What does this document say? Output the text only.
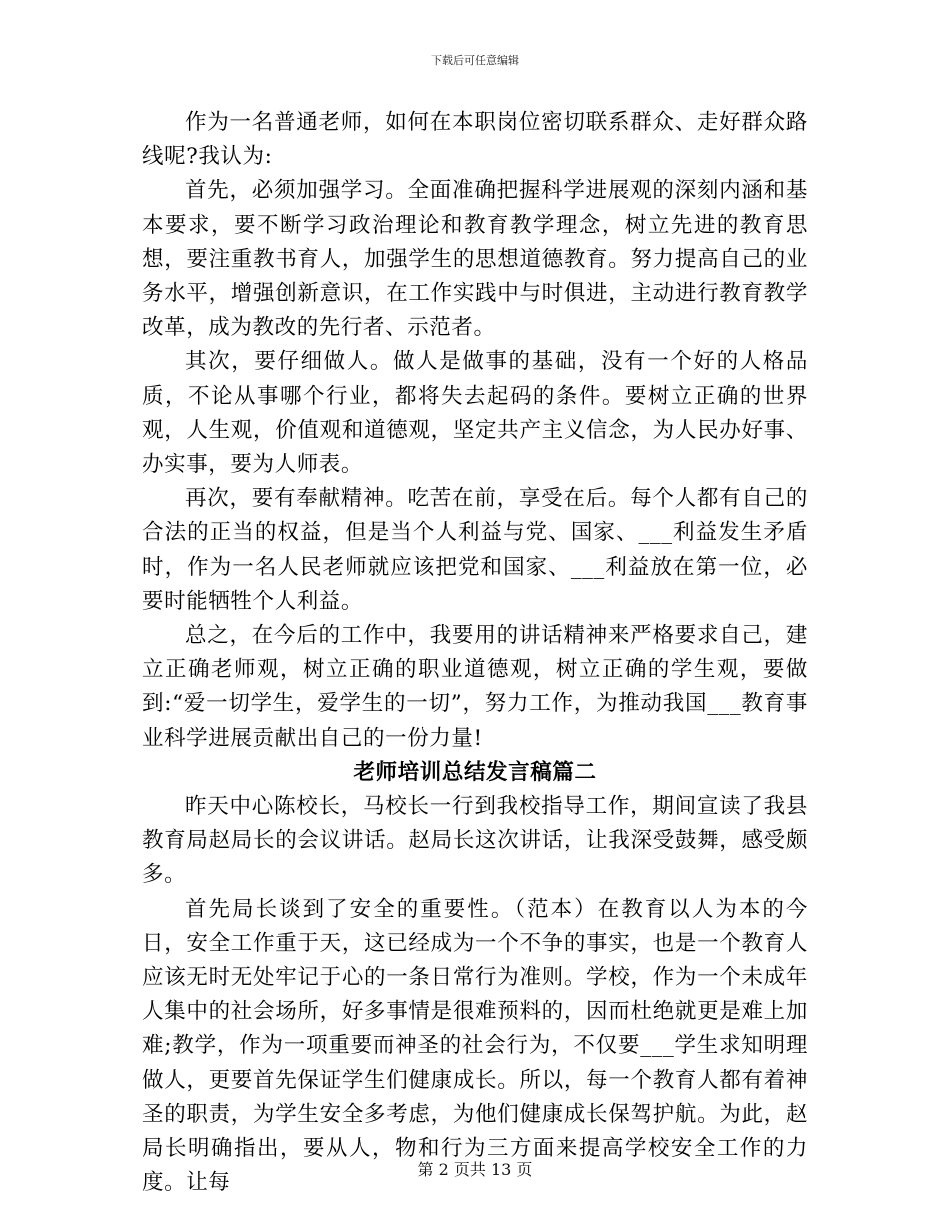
下载后可任意编辑

作为一名普通老师，如何在本职岗位密切联系群众、走好群众路线呢?我认为:

首先，必须加强学习。全面准确把握科学进展观的深刻内涵和基本要求，要不断学习政治理论和教育教学理念，树立先进的教育思想，要注重教书育人，加强学生的思想道德教育。努力提高自己的业务水平，增强创新意识，在工作实践中与时俱进，主动进行教育教学改革，成为教改的先行者、示范者。

其次，要仔细做人。做人是做事的基础，没有一个好的人格品质，不论从事哪个行业，都将失去起码的条件。要树立正确的世界观，人生观，价值观和道德观，坚定共产主义信念，为人民办好事、办实事，要为人师表。

再次，要有奉献精神。吃苦在前，享受在后。每个人都有自己的合法的正当的权益，但是当个人利益与党、国家、___利益发生矛盾时，作为一名人民老师就应该把党和国家、___利益放在第一位，必要时能牺牲个人利益。

总之，在今后的工作中，我要用的讲话精神来严格要求自己，建立正确老师观，树立正确的职业道德观，树立正确的学生观，要做到:“爱一切学生，爱学生的一切”，努力工作，为推动我国___教育事业科学进展贡献出自己的一份力量!

老师培训总结发言稿篇二

昨天中心陈校长，马校长一行到我校指导工作，期间宣读了我县教育局赵局长的会议讲话。赵局长这次讲话，让我深受鼓舞，感受颇多。

首先局长谈到了安全的重要性。（范本）在教育以人为本的今日，安全工作重于天，这已经成为一个不争的事实，也是一个教育人应该无时无处牢记于心的一条日常行为准则。学校，作为一个未成年人集中的社会场所，好多事情是很难预料的，因而杜绝就更是难上加难;教学，作为一项重要而神圣的社会行为，不仅要___学生求知明理做人，更要首先保证学生们健康成长。所以，每一个教育人都有着神圣的职责，为学生安全多考虑，为他们健康成长保驾护航。为此，赵局长明确指出，要从人，物和行为三方面来提高学校安全工作的力度。让每

第 2 页共 13 页
